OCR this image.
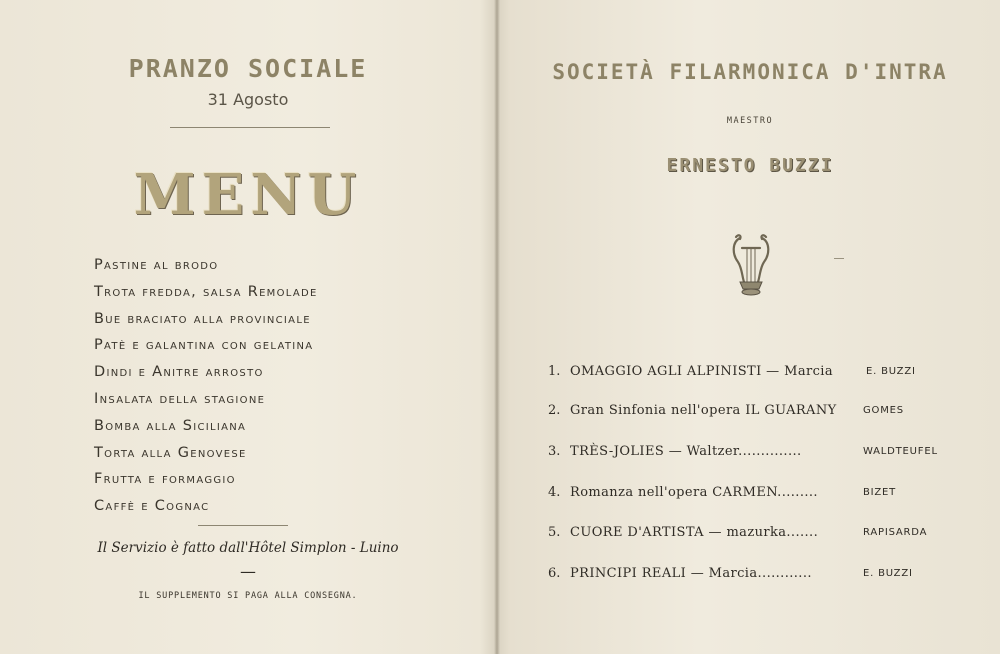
PRANZO SOCIALE
31 Agosto
MENU
Pastine al brodo
Trota fredda, salsa Remolade
Bue braciato alla provinciale
Patè e galantina con gelatina
Dindi e Anitre arrosto
Insalata della stagione
Bomba alla Siciliana
Torta alla Genovese
Frutta e formaggio
Caffè e Cognac
Il Servizio è fatto dall'Hôtel Simplon - Luino
—
IL SUPPLEMENTO SI PAGA ALLA CONSEGNA.
SOCIETÀ FILARMONICA D'INTRA
MAESTRO
ERNESTO BUZZI
1. OMAGGIO AGLI ALPINISTI — Marcia	E. BUZZI
2. Gran Sinfonia nell'opera IL GUARANY	GOMES
3. TRÈS-JOLIES — Waltzer..............	WALDTEUFEL
4. Romanza nell'opera CARMEN.........	BIZET
5. CUORE D'ARTISTA — mazurka.......	RAPISARDA
6. PRINCIPI REALI — Marcia............	E. BUZZI
